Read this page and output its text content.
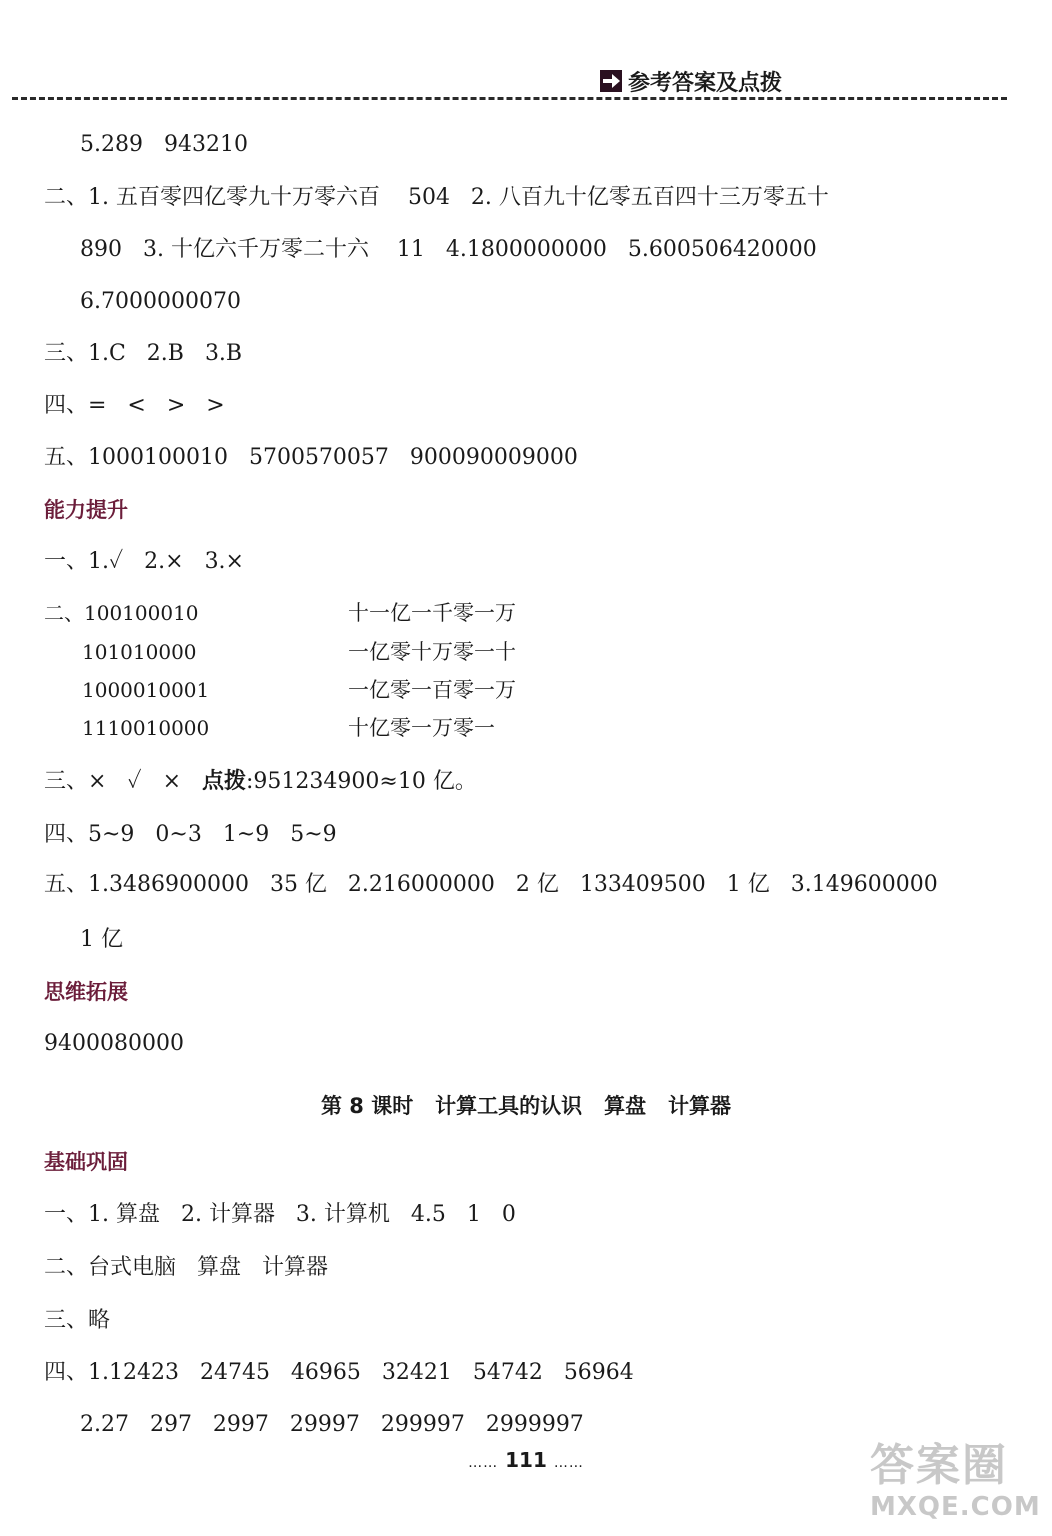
参考答案及点拨
5.289   943210
二、1. 五百零四亿零九十万零六百    504   2. 八百九十亿零五百四十三万零五十
890   3. 十亿六千万零二十六    11   4.1800000000   5.600506420000
6.7000000070
三、1.C   2.B   3.B
四、=   <   >   >
五、1000100010   5700570057   900090009000
能力提升
一、1.✓   2.×   3.×
二、100100010	十一亿一千零一万
101010000	一亿零十万零一十
1000010001	一亿零一百零一万
1110010000	十亿零一万零一
三、×   ✓   ×   点拨:951234900≈10 亿。
四、5~9   0~3   1~9   5~9
五、1.3486900000   35 亿   2.216000000   2 亿   133409500   1 亿   3.149600000
1 亿
思维拓展
9400080000
第 8 课时   计算工具的认识   算盘   计算器
基础巩固
一、1. 算盘   2. 计算器   3. 计算机   4.5   1   0
二、台式电脑   算盘   计算器
三、略
四、1.12423   24745   46965   32421   54742   56964
2.27   297   2997   29997   299997   2999997
…… 111 ……	答案圈
MXQE.COM
